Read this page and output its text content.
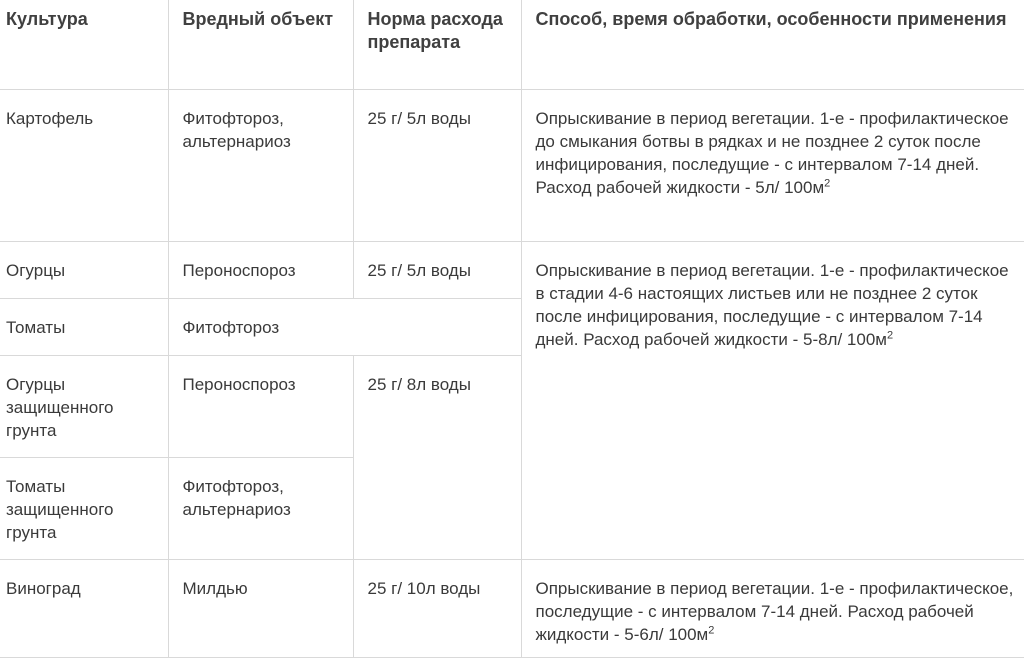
Культура	Вредный объект	Норма расхода препарата	Способ, время обработки, особенности применения
Картофель	Фитофтороз, альтернариоз	25 г/ 5л воды	Опрыскивание в период вегетации. 1-е - профилактическое до смыкания ботвы в рядках и не позднее 2 суток после инфицирования, последущие - с интервалом 7-14 дней. Расход рабочей жидкости - 5л/ $100м^2$
Огурцы	Пероноспороз	25 г/ 5л воды	Опрыскивание в период вегетации. 1-е - профилактическое в стадии 4-6 настоящих листьев или не позднее 2 суток после инфицирования, последущие - с интервалом 7-14 дней. Расход рабочей жидкости - 5-8л/ $100м^2$
Томаты	Фитофтороз		
Огурцы защищенного грунта	Пероноспороз	25 г/ 8л воды	
Томаты защищенного грунта	Фитофтороз, альтернариоз		
Виноград	Милдью	25 г/ 10л воды	Опрыскивание в период вегетации. 1-е - профилактическое, последущие - с интервалом 7-14 дней. Расход рабочей жидкости - 5-6л/ $100м^2$
